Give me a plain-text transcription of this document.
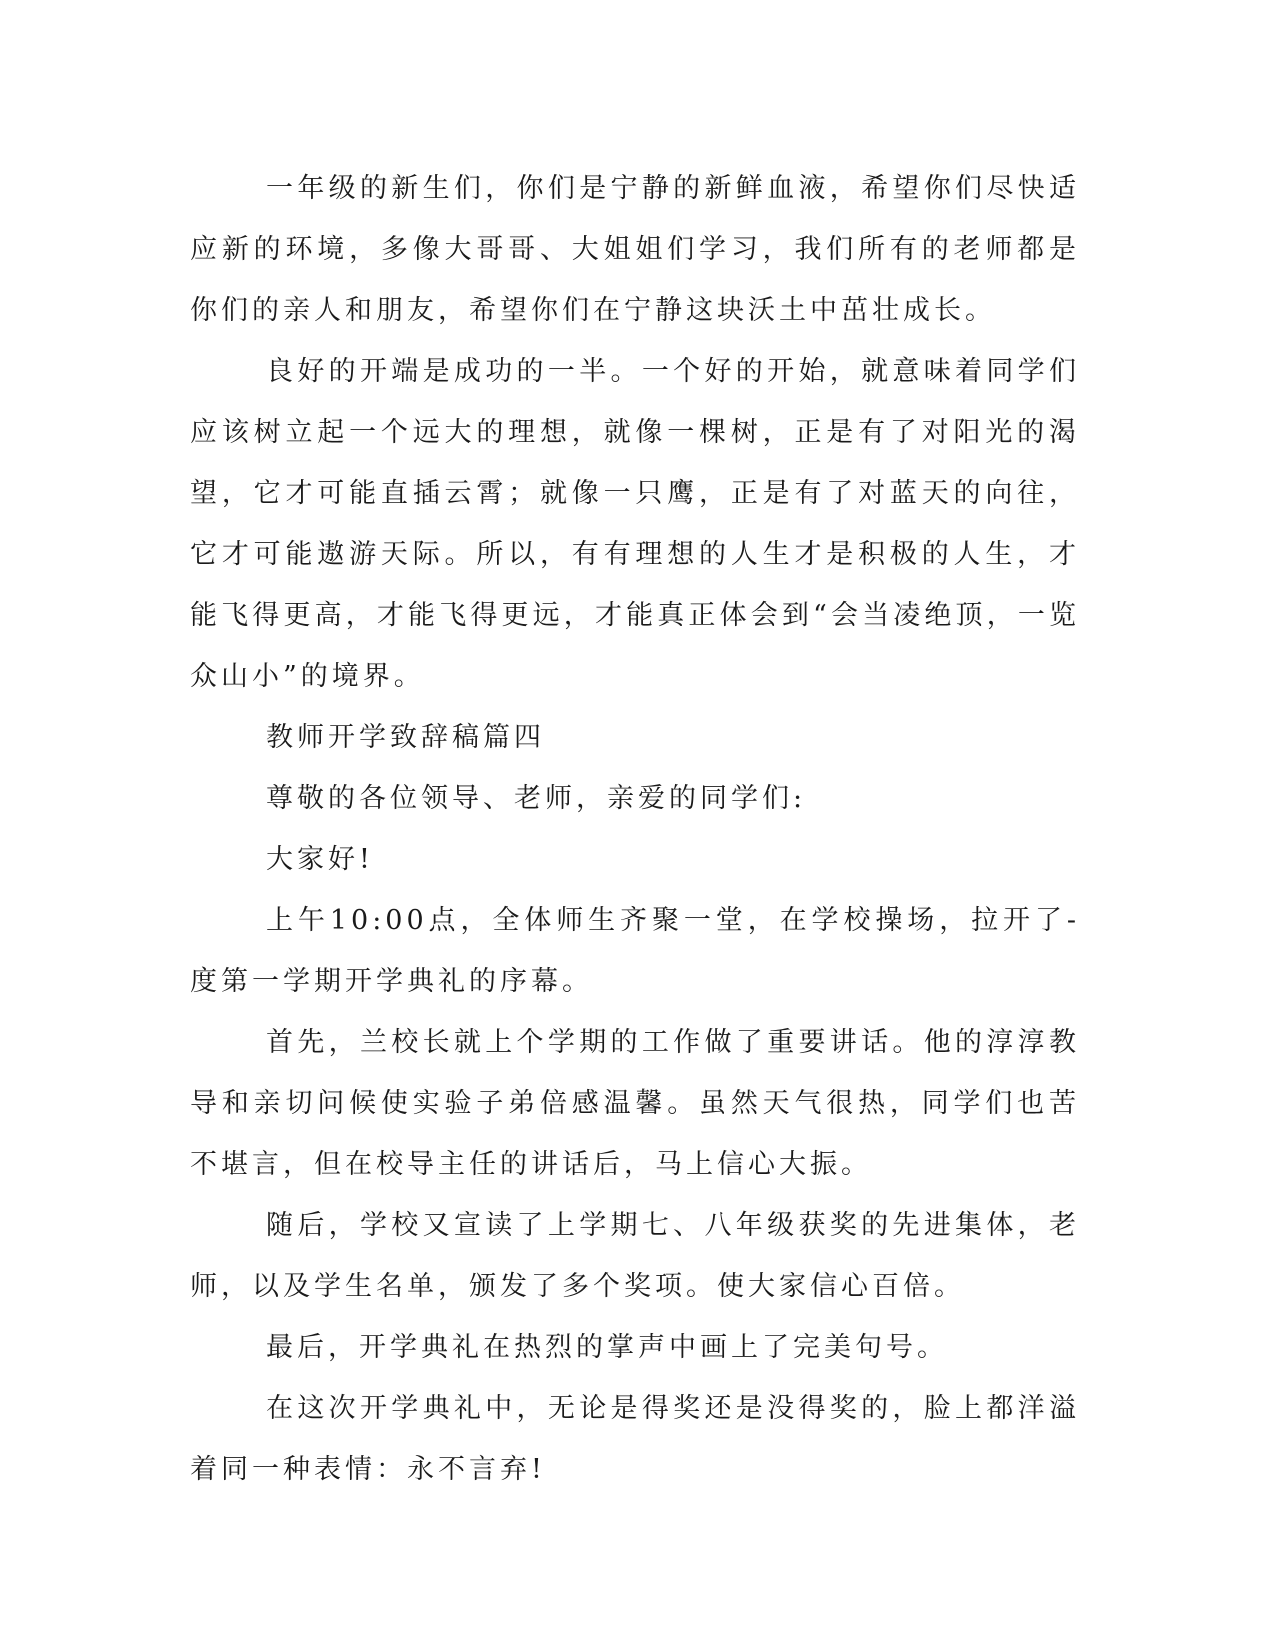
一年级的新生们，你们是宁静的新鲜血液，希望你们尽快适应新的环境，多像大哥哥、大姐姐们学习，我们所有的老师都是你们的亲人和朋友，希望你们在宁静这块沃土中茁壮成长。

良好的开端是成功的一半。一个好的开始，就意味着同学们应该树立起一个远大的理想，就像一棵树，正是有了对阳光的渴望，它才可能直插云霄；就像一只鹰，正是有了对蓝天的向往，它才可能遨游天际。所以，有有理想的人生才是积极的人生，才能飞得更高，才能飞得更远，才能真正体会到“会当凌绝顶，一览众山小”的境界。

教师开学致辞稿篇四

尊敬的各位领导、老师，亲爱的同学们:

大家好!

上午10:00点，全体师生齐聚一堂，在学校操场，拉开了-度第一学期开学典礼的序幕。

首先，兰校长就上个学期的工作做了重要讲话。他的淳淳教导和亲切问候使实验子弟倍感温馨。虽然天气很热，同学们也苦不堪言，但在校导主任的讲话后，马上信心大振。

随后，学校又宣读了上学期七、八年级获奖的先进集体，老师，以及学生名单，颁发了多个奖项。使大家信心百倍。

最后，开学典礼在热烈的掌声中画上了完美句号。

在这次开学典礼中，无论是得奖还是没得奖的，脸上都洋溢着同一种表情：永不言弃!
